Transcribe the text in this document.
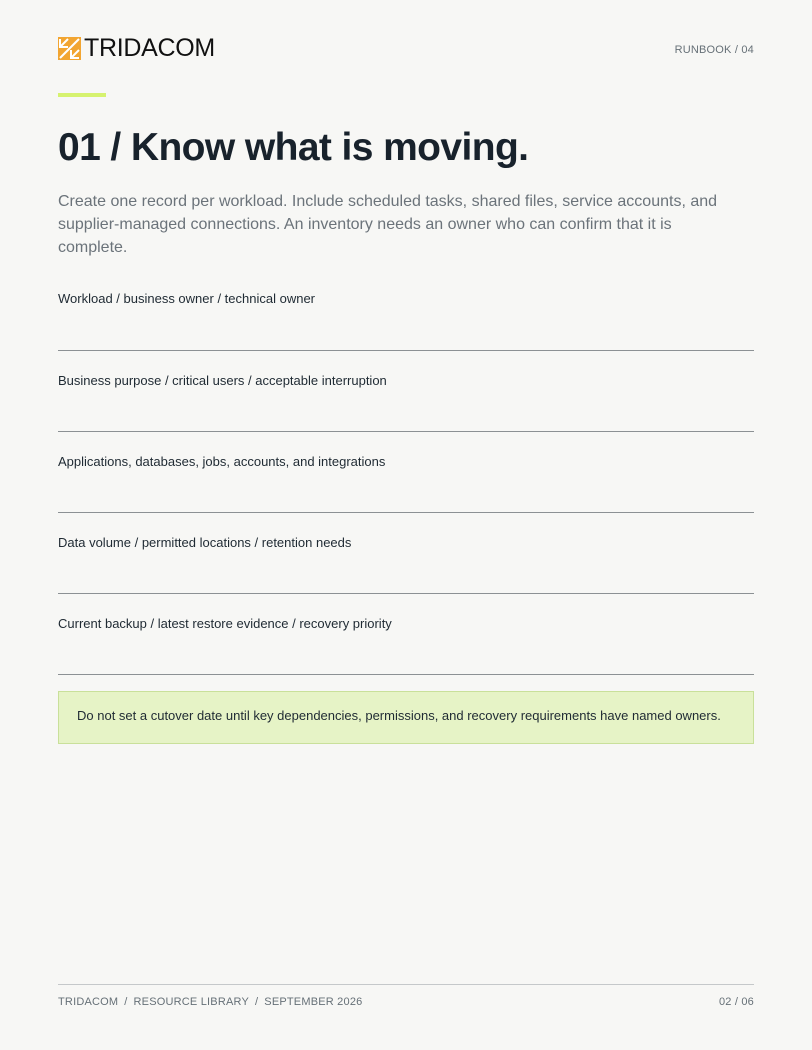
TRIDACOM	RUNBOOK / 04
01 / Know what is moving.

Create one record per workload. Include scheduled tasks, shared files, service accounts, and supplier-managed connections. An inventory needs an owner who can confirm that it is complete.

Workload / business owner / technical owner
Business purpose / critical users / acceptable interruption
Applications, databases, jobs, accounts, and integrations
Data volume / permitted locations / retention needs
Current backup / latest restore evidence / recovery priority
Do not set a cutover date until key dependencies, permissions, and recovery requirements have named owners.
TRIDACOM / RESOURCE LIBRARY / SEPTEMBER 2026	02 / 06
